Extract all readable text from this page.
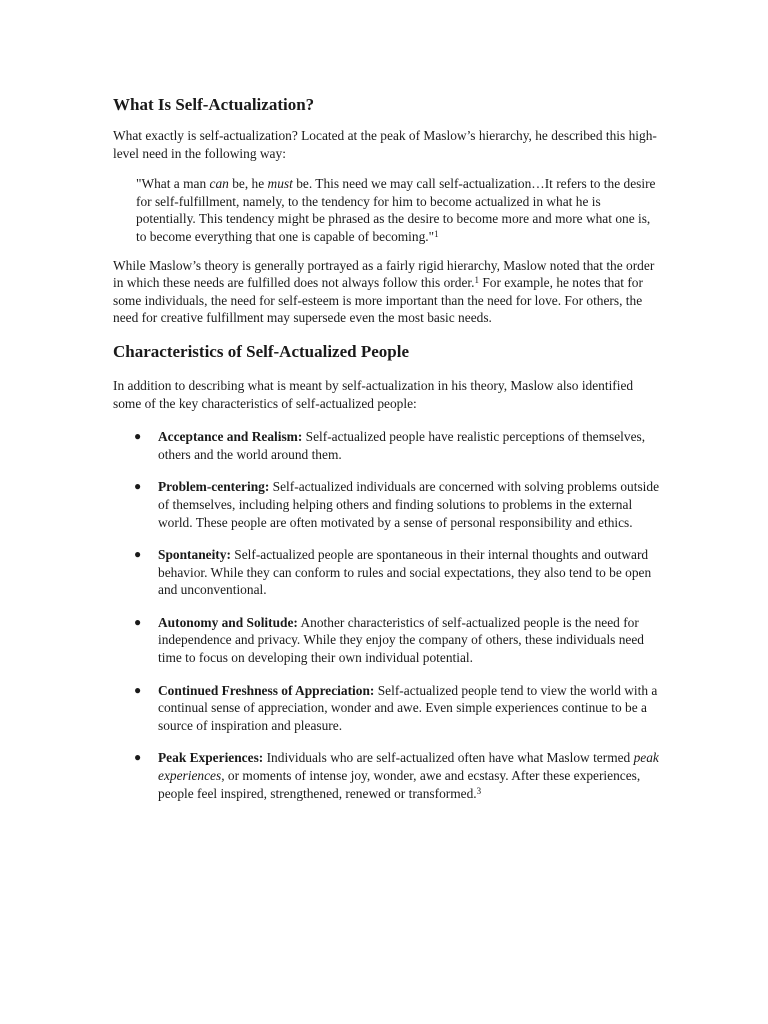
What Is Self-Actualization?

What exactly is self-actualization? Located at the peak of Maslow’s hierarchy, he described this high-level need in the following way:

"What a man can be, he must be. This need we may call self-actualization…It refers to the desire for self-fulfillment, namely, to the tendency for him to become actualized in what he is potentially. This tendency might be phrased as the desire to become more and more what one is, to become everything that one is capable of becoming."$^1$

While Maslow’s theory is generally portrayed as a fairly rigid hierarchy, Maslow noted that the order in which these needs are fulfilled does not always follow this order.$^1$ For example, he notes that for some individuals, the need for self-esteem is more important than the need for love. For others, the need for creative fulfillment may supersede even the most basic needs.

Characteristics of Self-Actualized People

In addition to describing what is meant by self-actualization in his theory, Maslow also identified some of the key characteristics of self-actualized people:

● Acceptance and Realism: Self-actualized people have realistic perceptions of themselves, others and the world around them.
● Problem-centering: Self-actualized individuals are concerned with solving problems outside of themselves, including helping others and finding solutions to problems in the external world. These people are often motivated by a sense of personal responsibility and ethics.
● Spontaneity: Self-actualized people are spontaneous in their internal thoughts and outward behavior. While they can conform to rules and social expectations, they also tend to be open and unconventional.
● Autonomy and Solitude: Another characteristics of self-actualized people is the need for independence and privacy. While they enjoy the company of others, these individuals need time to focus on developing their own individual potential.
● Continued Freshness of Appreciation: Self-actualized people tend to view the world with a continual sense of appreciation, wonder and awe. Even simple experiences continue to be a source of inspiration and pleasure.
● Peak Experiences: Individuals who are self-actualized often have what Maslow termed peak experiences, or moments of intense joy, wonder, awe and ecstasy. After these experiences, people feel inspired, strengthened, renewed or transformed.$^3$
